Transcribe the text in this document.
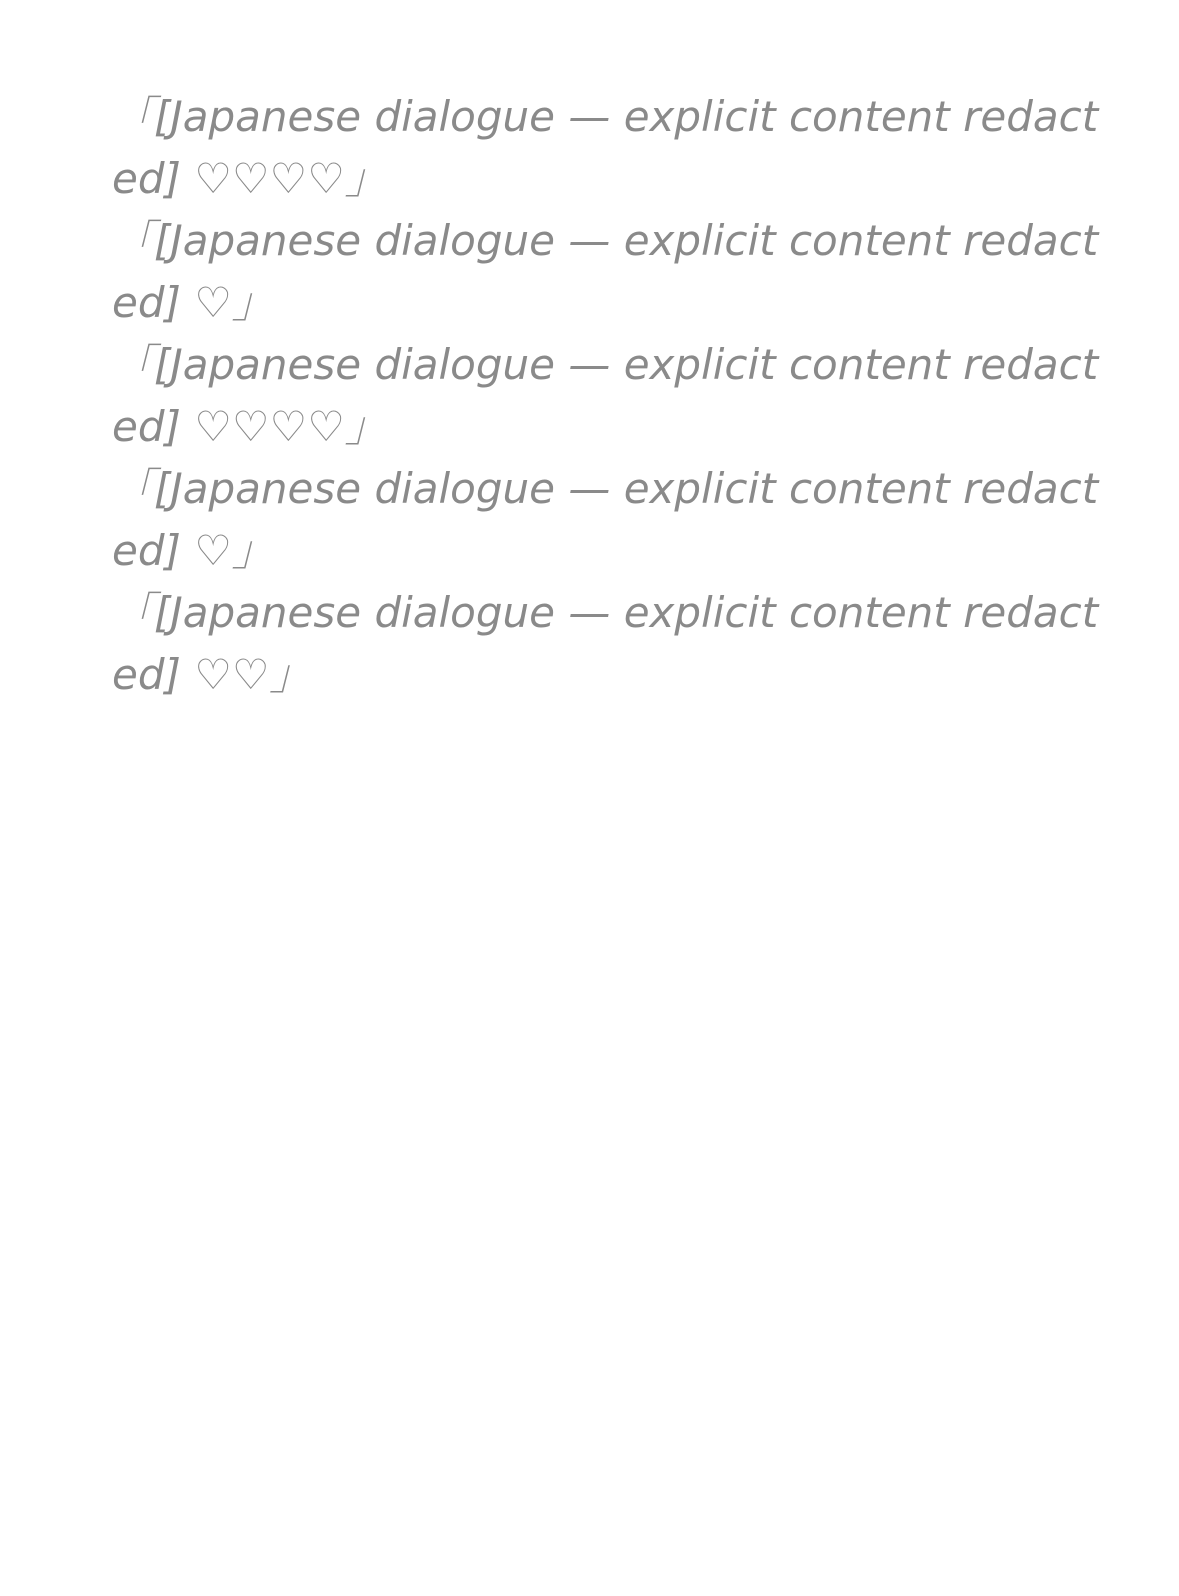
「[Japanese dialogue — explicit content redacted] ♡♡♡♡」

「[Japanese dialogue — explicit content redacted] ♡」

「[Japanese dialogue — explicit content redacted] ♡♡♡♡」

「[Japanese dialogue — explicit content redacted] ♡」

「[Japanese dialogue — explicit content redacted] ♡♡」
